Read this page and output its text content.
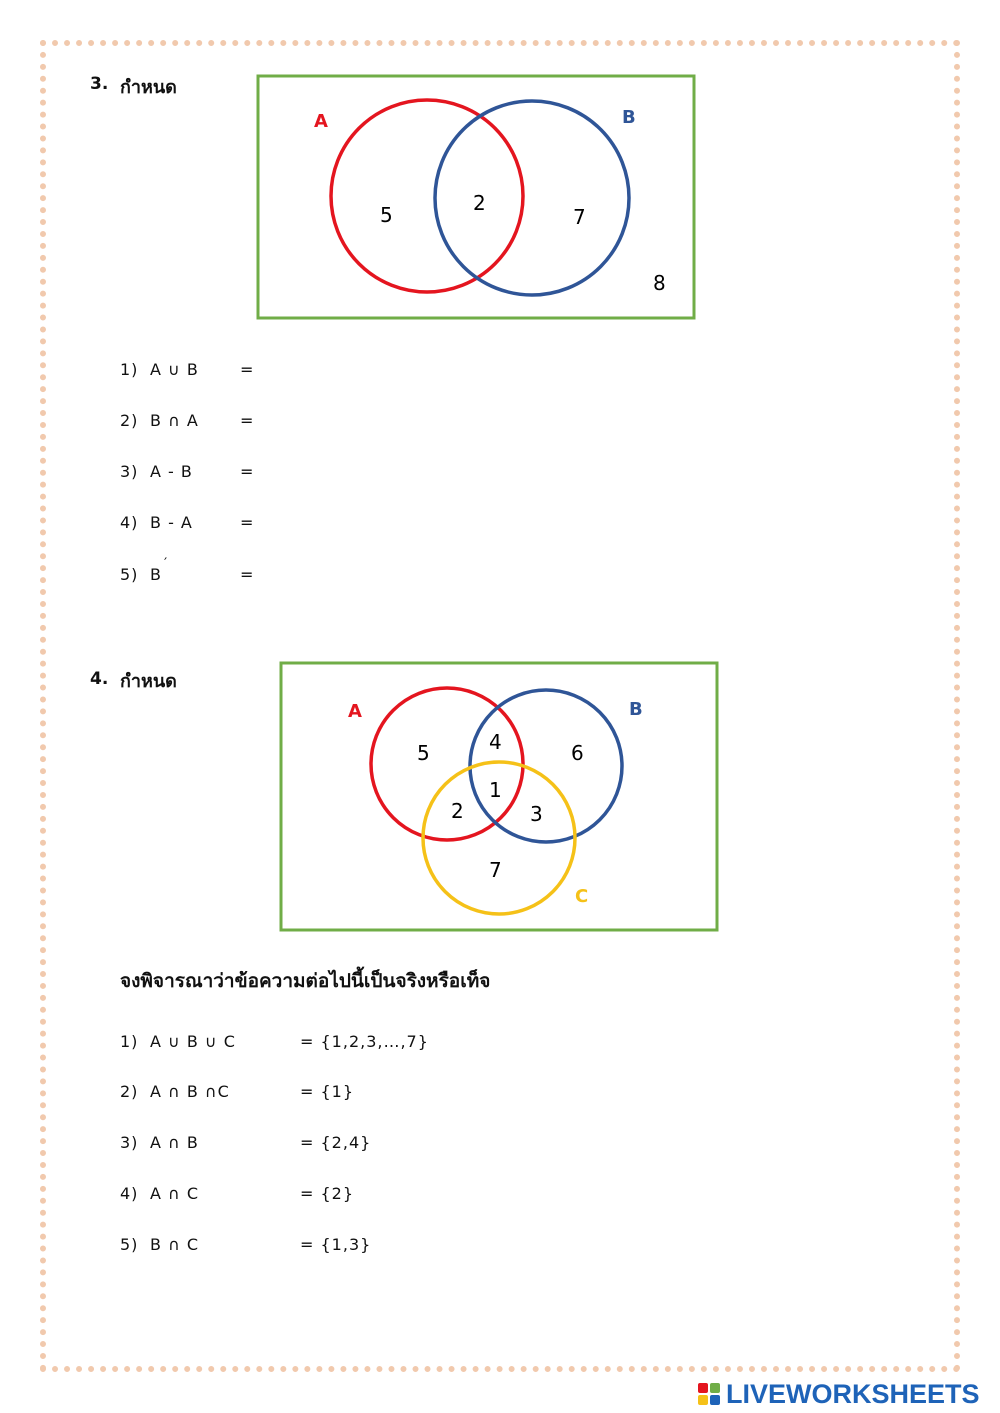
3. กำหนด
A	B
5	2
7
8
1) A ∪ B	=
2) B ∩ A	=
3) A - B	=
4) B - A	=
5) B′=
4. กำหนด
A	B
C
5	4	6
1
2	3
7
จงพิจารณาว่าข้อความต่อไปนี้เป็นจริงหรือเท็จ
1) A ∪ B ∪ C	= {1,2,3,…,7}
2) A ∩ B ∩C	= {1}
3) A ∩ B	= {2,4}
4) A ∩ C	= {2}
5) B ∩ C	= {1,3}
LIVEWORKSHEETS
